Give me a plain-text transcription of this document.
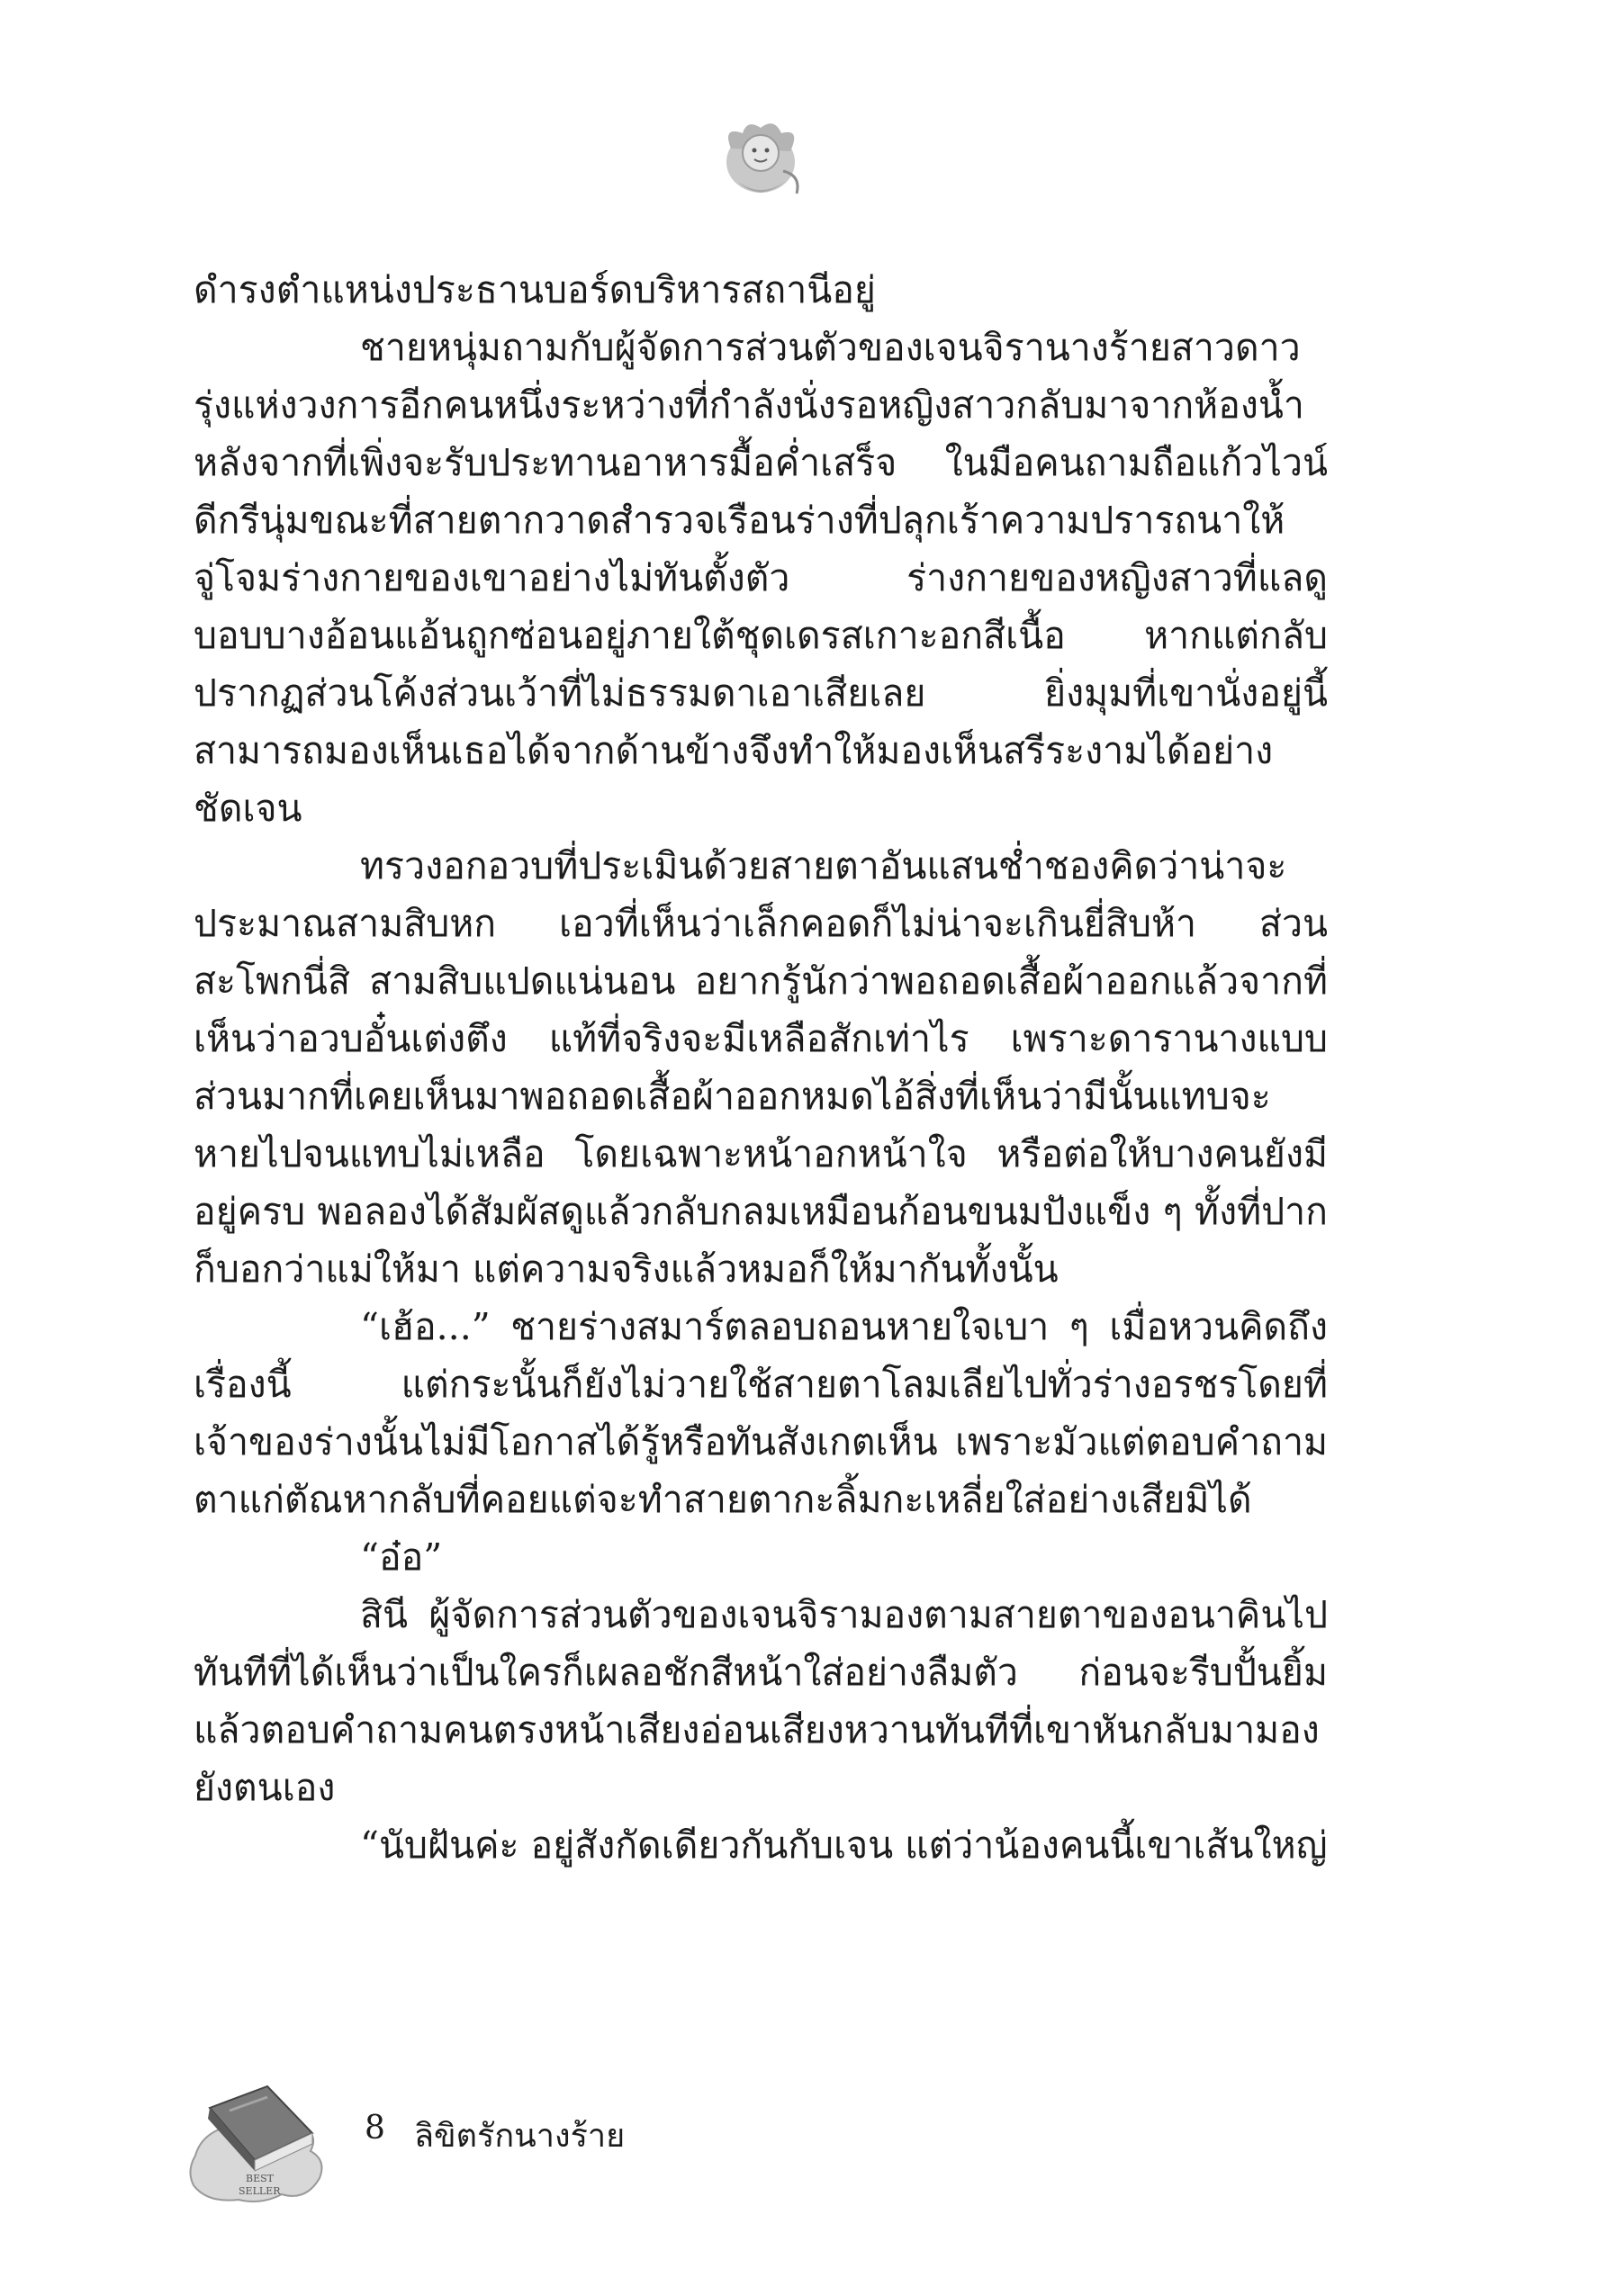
ดำรงตำแหน่งประธานบอร์ดบริหารสถานีอยู่

ชายหนุ่มถามกับผู้จัดการส่วนตัวของเจนจิรานางร้ายสาวดาวรุ่งแห่งวงการอีกคนหนึ่งระหว่างที่กำลังนั่งรอหญิงสาวกลับมาจากห้องน้ำหลังจากที่เพิ่งจะรับประทานอาหารมื้อค่ำเสร็จ ในมือคนถามถือแก้วไวน์ดีกรีนุ่มขณะที่สายตากวาดสำรวจเรือนร่างที่ปลุกเร้าความปรารถนาให้จู่โจมร่างกายของเขาอย่างไม่ทันตั้งตัว ร่างกายของหญิงสาวที่แลดูบอบบางอ้อนแอ้นถูกซ่อนอยู่ภายใต้ชุดเดรสเกาะอกสีเนื้อ หากแต่กลับปรากฏส่วนโค้งส่วนเว้าที่ไม่ธรรมดาเอาเสียเลย ยิ่งมุมที่เขานั่งอยู่นี้สามารถมองเห็นเธอได้จากด้านข้างจึงทำให้มองเห็นสรีระงามได้อย่างชัดเจน

ทรวงอกอวบที่ประเมินด้วยสายตาอันแสนช่ำชองคิดว่าน่าจะประมาณสามสิบหก เอวที่เห็นว่าเล็กคอดก็ไม่น่าจะเกินยี่สิบห้า ส่วนสะโพกนี่สิ สามสิบแปดแน่นอน อยากรู้นักว่าพอถอดเสื้อผ้าออกแล้วจากที่เห็นว่าอวบอั๋นเต่งตึง แท้ที่จริงจะมีเหลือสักเท่าไร เพราะดารานางแบบส่วนมากที่เคยเห็นมาพอถอดเสื้อผ้าออกหมดไอ้สิ่งที่เห็นว่ามีนั้นแทบจะหายไปจนแทบไม่เหลือ โดยเฉพาะหน้าอกหน้าใจ หรือต่อให้บางคนยังมีอยู่ครบ พอลองได้สัมผัสดูแล้วกลับกลมเหมือนก้อนขนมปังแข็ง ๆ ทั้งที่ปากก็บอกว่าแม่ให้มา แต่ความจริงแล้วหมอก็ให้มากันทั้งนั้น

“เฮ้อ...” ชายร่างสมาร์ตลอบถอนหายใจเบา ๆ เมื่อหวนคิดถึงเรื่องนี้ แต่กระนั้นก็ยังไม่วายใช้สายตาโลมเลียไปทั่วร่างอรชรโดยที่เจ้าของร่างนั้นไม่มีโอกาสได้รู้หรือทันสังเกตเห็น เพราะมัวแต่ตอบคำถามตาแก่ตัณหากลับที่คอยแต่จะทำสายตากะลิ้มกะเหลี่ยใส่อย่างเสียมิได้

“อ๋อ”

สินี ผู้จัดการส่วนตัวของเจนจิรามองตามสายตาของอนาคินไปทันทีที่ได้เห็นว่าเป็นใครก็เผลอชักสีหน้าใส่อย่างลืมตัว ก่อนจะรีบปั้นยิ้มแล้วตอบคำถามคนตรงหน้าเสียงอ่อนเสียงหวานทันทีที่เขาหันกลับมามองยังตนเอง

“นับฝันค่ะ อยู่สังกัดเดียวกันกับเจน แต่ว่าน้องคนนี้เขาเส้นใหญ่

BEST
SELLER
8 ลิขิตรักนางร้าย
